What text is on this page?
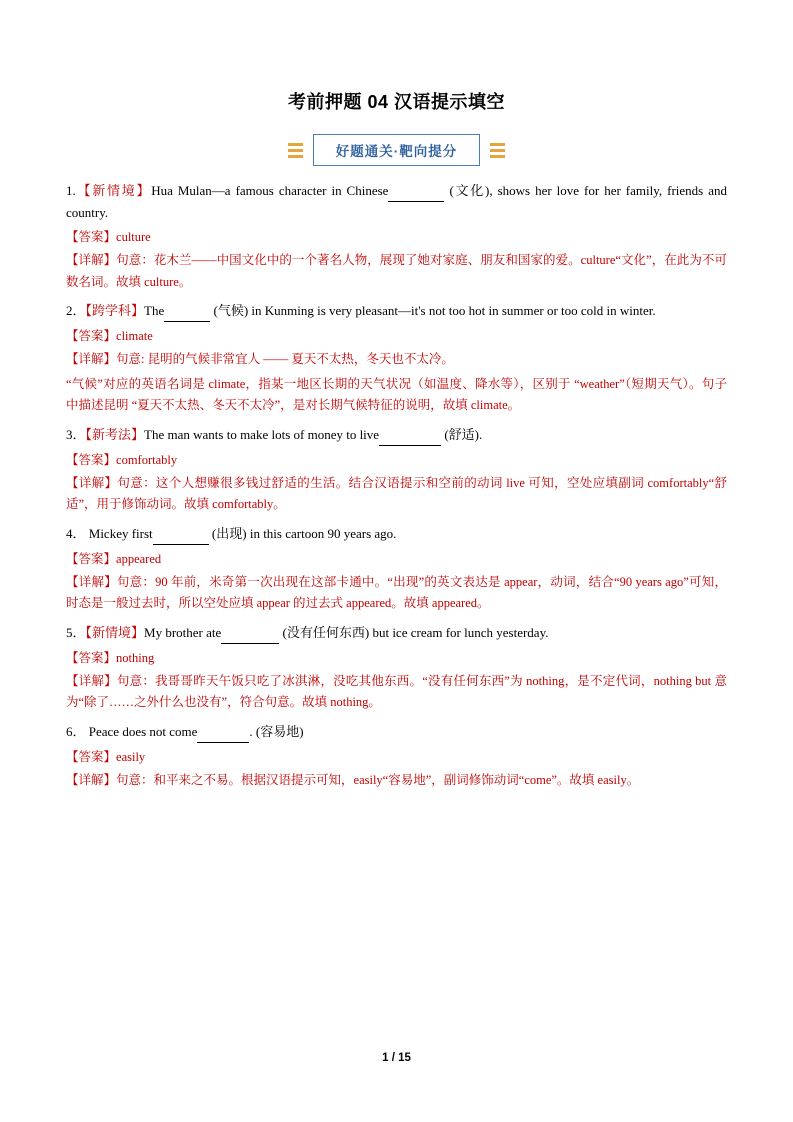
考前押题 04 汉语提示填空
好题通关·靶向提分

1.【新情境】Hua Mulan—a famous character in Chinese	(文化), shows her love for her family, friends and country.

【答案】culture

【详解】句意：花木兰——中国文化中的一个著名人物，展现了她对家庭、朋友和国家的爱。culture“文化”，在此为不可数名词。故填 culture。

2．【跨学科】The	(气候) in Kunming is very pleasant—it's not too hot in summer or too cold in winter.

【答案】climate

【详解】句意: 昆明的气候非常宜人 —— 夏天不太热，冬天也不太冷。

“气候”对应的英语名词是 climate，指某一地区长期的天气状况（如温度、降水等），区别于 “weather”（短期天气）。句子中描述昆明 “夏天不太热、冬天不太冷”，是对长期气候特征的说明，故填 climate。

3．【新考法】The man wants to make lots of money to live	(舒适).

【答案】comfortably

【详解】句意：这个人想赚很多钱过舒适的生活。结合汉语提示和空前的动词 live 可知，空处应填副词 comfortably“舒适”，用于修饰动词。故填 comfortably。

4． Mickey first	(出现) in this cartoon 90 years ago.

【答案】appeared

【详解】句意：90 年前，米奇第一次出现在这部卡通中。“出现”的英文表达是 appear，动词，结合“90 years ago”可知，时态是一般过去时，所以空处应填 appear 的过去式 appeared。故填 appeared。

5．【新情境】My brother ate	(没有任何东西) but ice cream for lunch yesterday.

【答案】nothing

【详解】句意：我哥哥昨天午饭只吃了冰淇淋，没吃其他东西。“没有任何东西”为 nothing，是不定代词，nothing but 意为“除了……之外什么也没有”，符合句意。故填 nothing。

6． Peace does not come	. (容易地)

【答案】easily

【详解】句意：和平来之不易。根据汉语提示可知，easily“容易地”，副词修饰动词“come”。故填 easily。

1 / 15
